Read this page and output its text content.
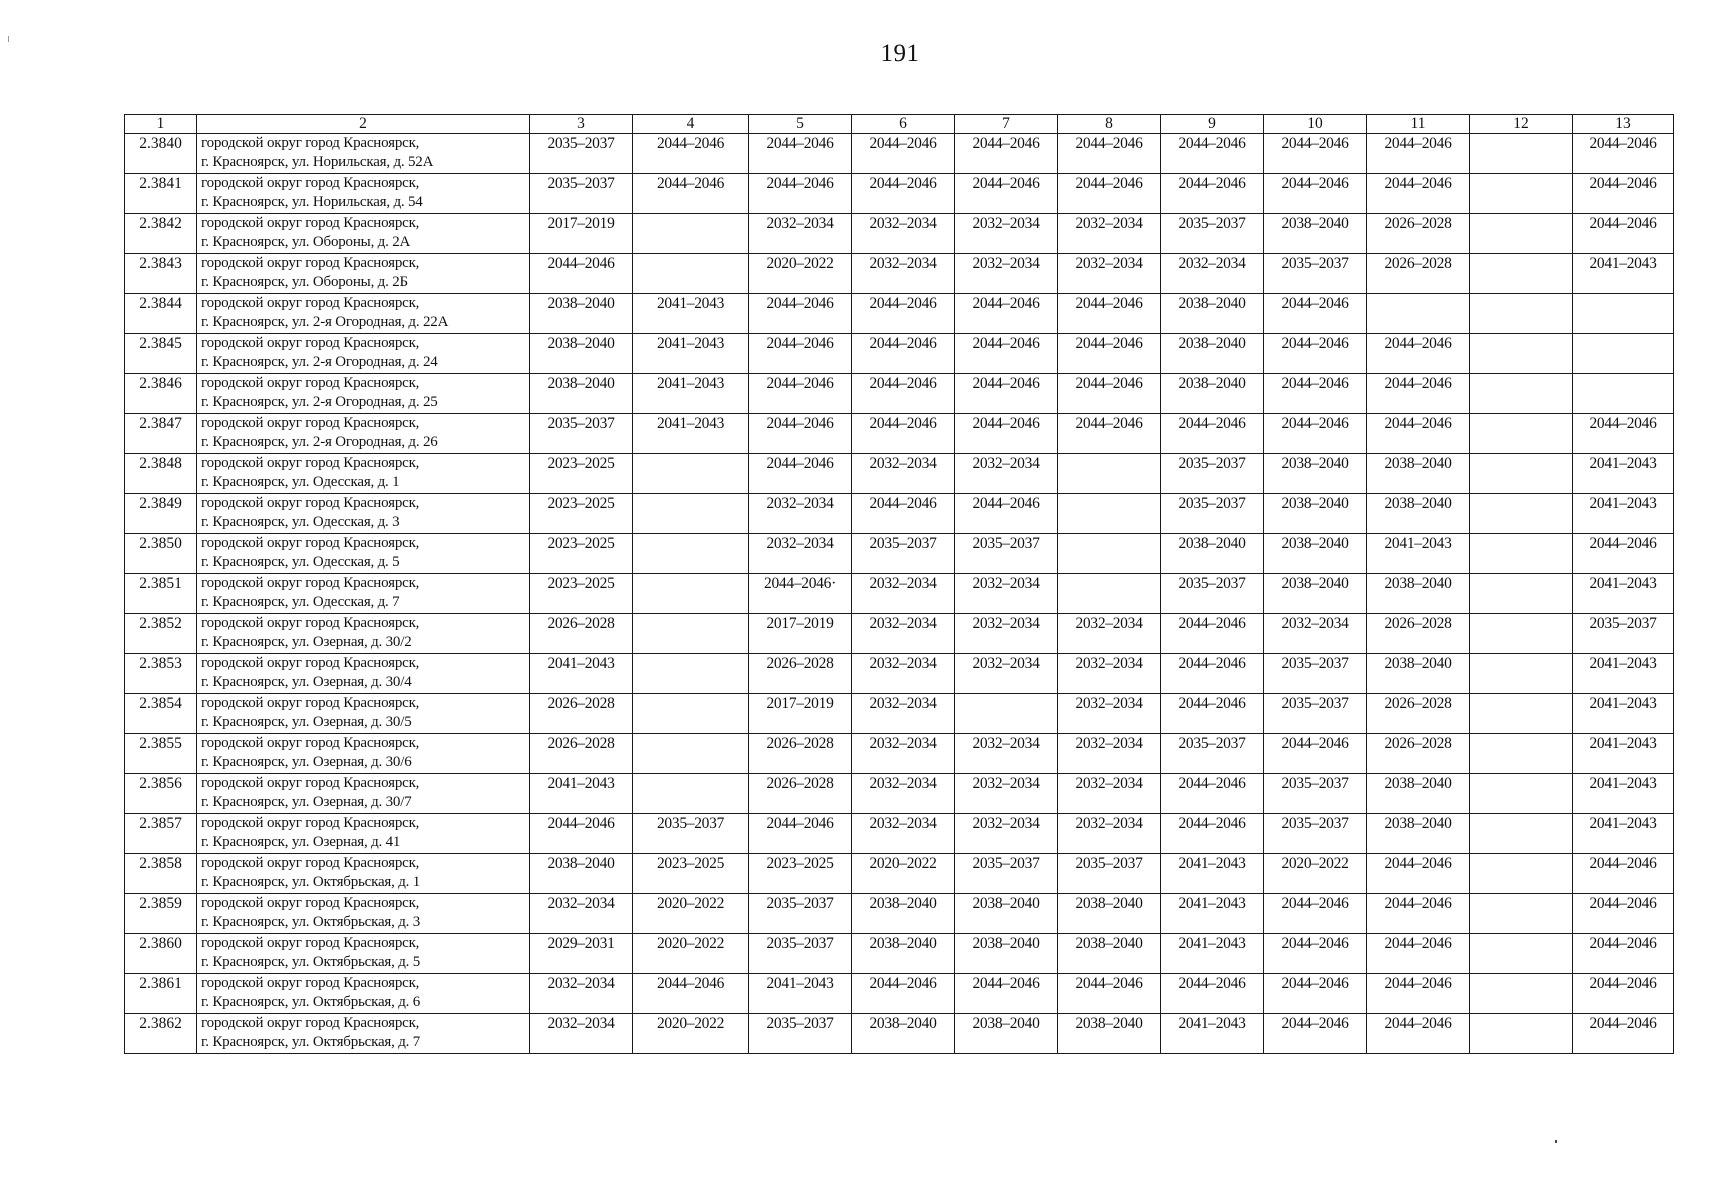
191
1	2	3	4	5	6	7	8	9	10	11	12	13
2.3840	городской округ город Красноярск,
г. Красноярск, ул. Норильская, д. 52А	2035–2037	2044–2046	2044–2046	2044–2046	2044–2046	2044–2046	2044–2046	2044–2046	2044–2046		2044–2046
2.3841	городской округ город Красноярск,
г. Красноярск, ул. Норильская, д. 54	2035–2037	2044–2046	2044–2046	2044–2046	2044–2046	2044–2046	2044–2046	2044–2046	2044–2046		2044–2046
2.3842	городской округ город Красноярск,
г. Красноярск, ул. Обороны, д. 2А	2017–2019		2032–2034	2032–2034	2032–2034	2032–2034	2035–2037	2038–2040	2026–2028		2044–2046
2.3843	городской округ город Красноярск,
г. Красноярск, ул. Обороны, д. 2Б	2044–2046		2020–2022	2032–2034	2032–2034	2032–2034	2032–2034	2035–2037	2026–2028		2041–2043
2.3844	городской округ город Красноярск,
г. Красноярск, ул. 2-я Огородная, д. 22А	2038–2040	2041–2043	2044–2046	2044–2046	2044–2046	2044–2046	2038–2040	2044–2046			
2.3845	городской округ город Красноярск,
г. Красноярск, ул. 2-я Огородная, д. 24	2038–2040	2041–2043	2044–2046	2044–2046	2044–2046	2044–2046	2038–2040	2044–2046	2044–2046		
2.3846	городской округ город Красноярск,
г. Красноярск, ул. 2-я Огородная, д. 25	2038–2040	2041–2043	2044–2046	2044–2046	2044–2046	2044–2046	2038–2040	2044–2046	2044–2046		
2.3847	городской округ город Красноярск,
г. Красноярск, ул. 2-я Огородная, д. 26	2035–2037	2041–2043	2044–2046	2044–2046	2044–2046	2044–2046	2044–2046	2044–2046	2044–2046		2044–2046
2.3848	городской округ город Красноярск,
г. Красноярск, ул. Одесская, д. 1	2023–2025		2044–2046	2032–2034	2032–2034		2035–2037	2038–2040	2038–2040		2041–2043
2.3849	городской округ город Красноярск,
г. Красноярск, ул. Одесская, д. 3	2023–2025		2032–2034	2044–2046	2044–2046		2035–2037	2038–2040	2038–2040		2041–2043
2.3850	городской округ город Красноярск,
г. Красноярск, ул. Одесская, д. 5	2023–2025		2032–2034	2035–2037	2035–2037		2038–2040	2038–2040	2041–2043		2044–2046
2.3851	городской округ город Красноярск,
г. Красноярск, ул. Одесская, д. 7	2023–2025		2044–2046·	2032–2034	2032–2034		2035–2037	2038–2040	2038–2040		2041–2043
2.3852	городской округ город Красноярск,
г. Красноярск, ул. Озерная, д. 30/2	2026–2028		2017–2019	2032–2034	2032–2034	2032–2034	2044–2046	2032–2034	2026–2028		2035–2037
2.3853	городской округ город Красноярск,
г. Красноярск, ул. Озерная, д. 30/4	2041–2043		2026–2028	2032–2034	2032–2034	2032–2034	2044–2046	2035–2037	2038–2040		2041–2043
2.3854	городской округ город Красноярск,
г. Красноярск, ул. Озерная, д. 30/5	2026–2028		2017–2019	2032–2034		2032–2034	2044–2046	2035–2037	2026–2028		2041–2043
2.3855	городской округ город Красноярск,
г. Красноярск, ул. Озерная, д. 30/6	2026–2028		2026–2028	2032–2034	2032–2034	2032–2034	2035–2037	2044–2046	2026–2028		2041–2043
2.3856	городской округ город Красноярск,
г. Красноярск, ул. Озерная, д. 30/7	2041–2043		2026–2028	2032–2034	2032–2034	2032–2034	2044–2046	2035–2037	2038–2040		2041–2043
2.3857	городской округ город Красноярск,
г. Красноярск, ул. Озерная, д. 41	2044–2046	2035–2037	2044–2046	2032–2034	2032–2034	2032–2034	2044–2046	2035–2037	2038–2040		2041–2043
2.3858	городской округ город Красноярск,
г. Красноярск, ул. Октябрьская, д. 1	2038–2040	2023–2025	2023–2025	2020–2022	2035–2037	2035–2037	2041–2043	2020–2022	2044–2046		2044–2046
2.3859	городской округ город Красноярск,
г. Красноярск, ул. Октябрьская, д. 3	2032–2034	2020–2022	2035–2037	2038–2040	2038–2040	2038–2040	2041–2043	2044–2046	2044–2046		2044–2046
2.3860	городской округ город Красноярск,
г. Красноярск, ул. Октябрьская, д. 5	2029–2031	2020–2022	2035–2037	2038–2040	2038–2040	2038–2040	2041–2043	2044–2046	2044–2046		2044–2046
2.3861	городской округ город Красноярск,
г. Красноярск, ул. Октябрьская, д. 6	2032–2034	2044–2046	2041–2043	2044–2046	2044–2046	2044–2046	2044–2046	2044–2046	2044–2046		2044–2046
2.3862	городской округ город Красноярск,
г. Красноярск, ул. Октябрьская, д. 7	2032–2034	2020–2022	2035–2037	2038–2040	2038–2040	2038–2040	2041–2043	2044–2046	2044–2046		2044–2046
